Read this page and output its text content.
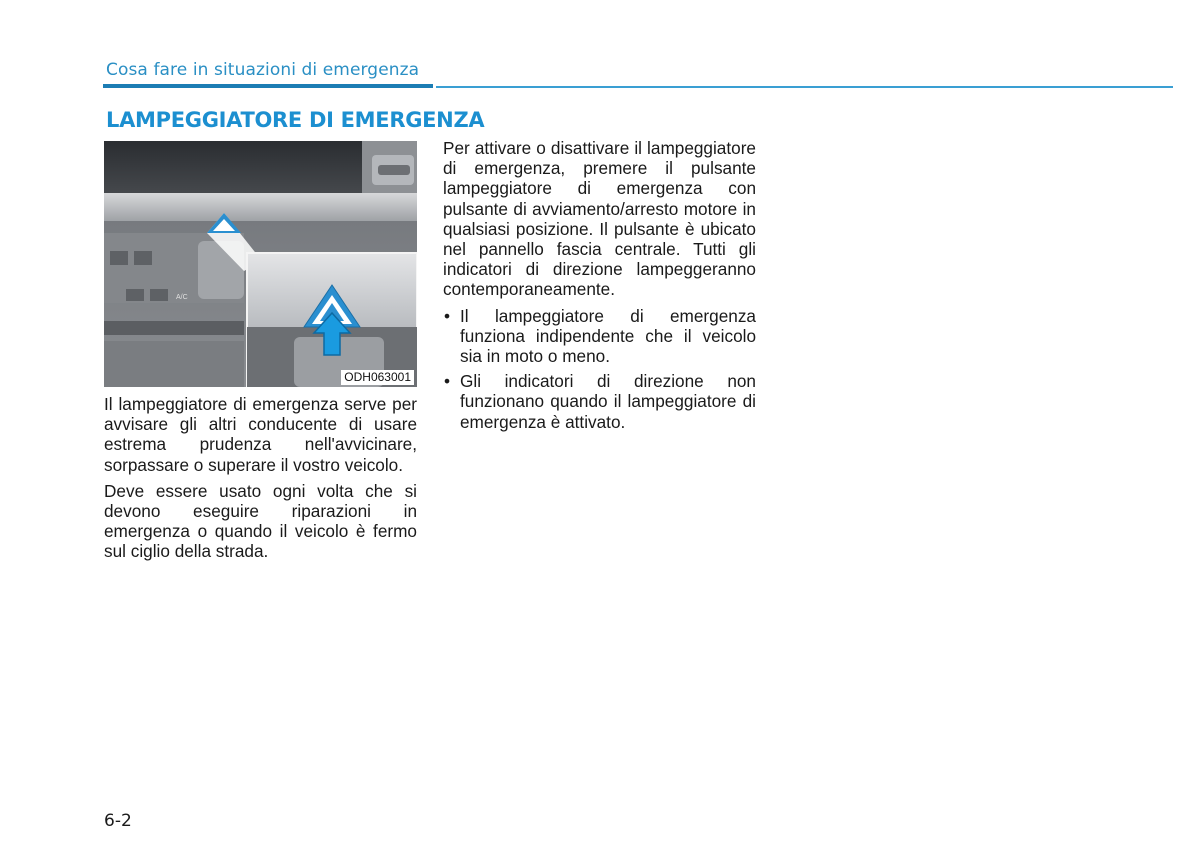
Cosa fare in situazioni di emergenza
LAMPEGGIATORE DI EMERGENZA
A/C
ODH063001

Il lampeggiatore di emergenza serve per avvisare gli altri conducente di usare estrema prudenza nell'avvicinare, sorpassare o superare il vostro veicolo.

Deve essere usato ogni volta che si devono eseguire riparazioni in emergenza o quando il veicolo è fermo sul ciglio della strada.

Per attivare o disattivare il lampeggiatore di emergenza, premere il pulsante lampeggiatore di emergenza con pulsante di avviamento/arresto motore in qualsiasi posizione. Il pulsante è ubicato nel pannello fascia centrale. Tutti gli indicatori di direzione lampeggeranno contemporaneamente.

• Il lampeggiatore di emergenza funziona indipendente che il veicolo sia in moto o meno.
• Gli indicatori di direzione non funzionano quando il lampeggiatore di emergenza è attivato.
6-2
